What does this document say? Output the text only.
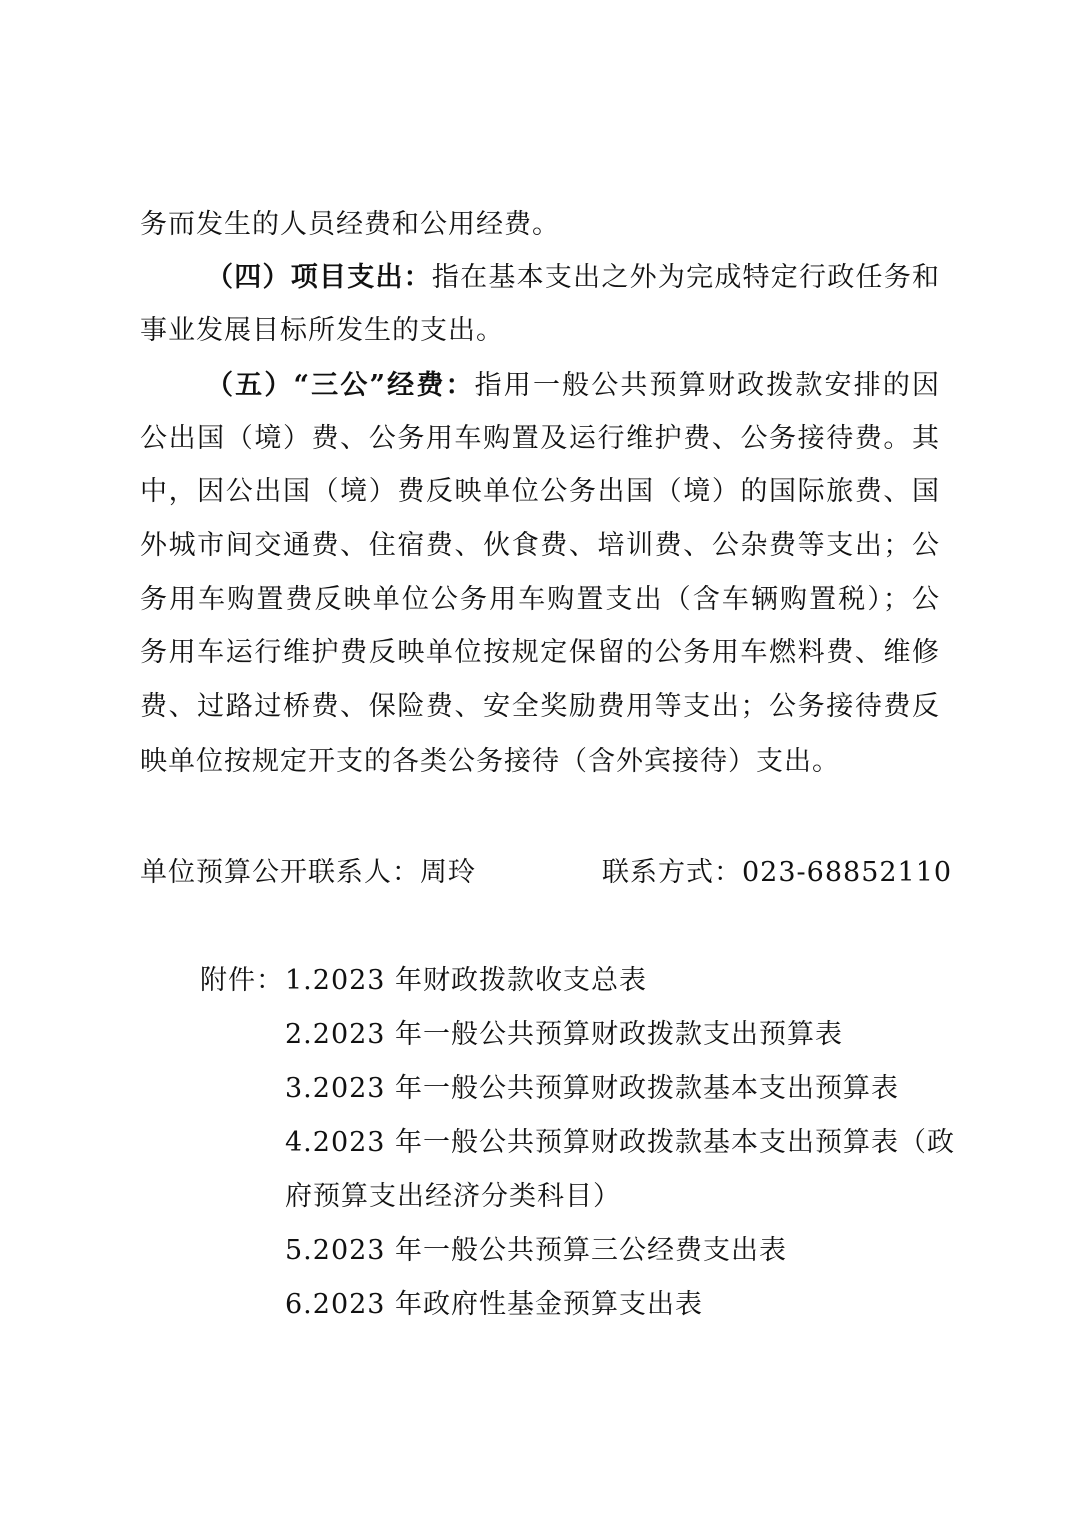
务而发生的人员经费和公用经费。
（四）项目支出：指在基本支出之外为完成特定行政任务和
事业发展目标所发生的支出。
（五）“三公”经费：指用一般公共预算财政拨款安排的因
公出国（境）费、公务用车购置及运行维护费、公务接待费。其
中，因公出国（境）费反映单位公务出国（境）的国际旅费、国
外城市间交通费、住宿费、伙食费、培训费、公杂费等支出；公
务用车购置费反映单位公务用车购置支出（含车辆购置税）；公
务用车运行维护费反映单位按规定保留的公务用车燃料费、维修
费、过路过桥费、保险费、安全奖励费用等支出；公务接待费反
映单位按规定开支的各类公务接待（含外宾接待）支出。
单位预算公开联系人：周玲	联系方式：023-68852110
附件： 1.2023 年财政拨款收支总表
2.2023 年一般公共预算财政拨款支出预算表
3.2023 年一般公共预算财政拨款基本支出预算表
4.2023 年一般公共预算财政拨款基本支出预算表（政
府预算支出经济分类科目）
5.2023 年一般公共预算三公经费支出表
6.2023 年政府性基金预算支出表
